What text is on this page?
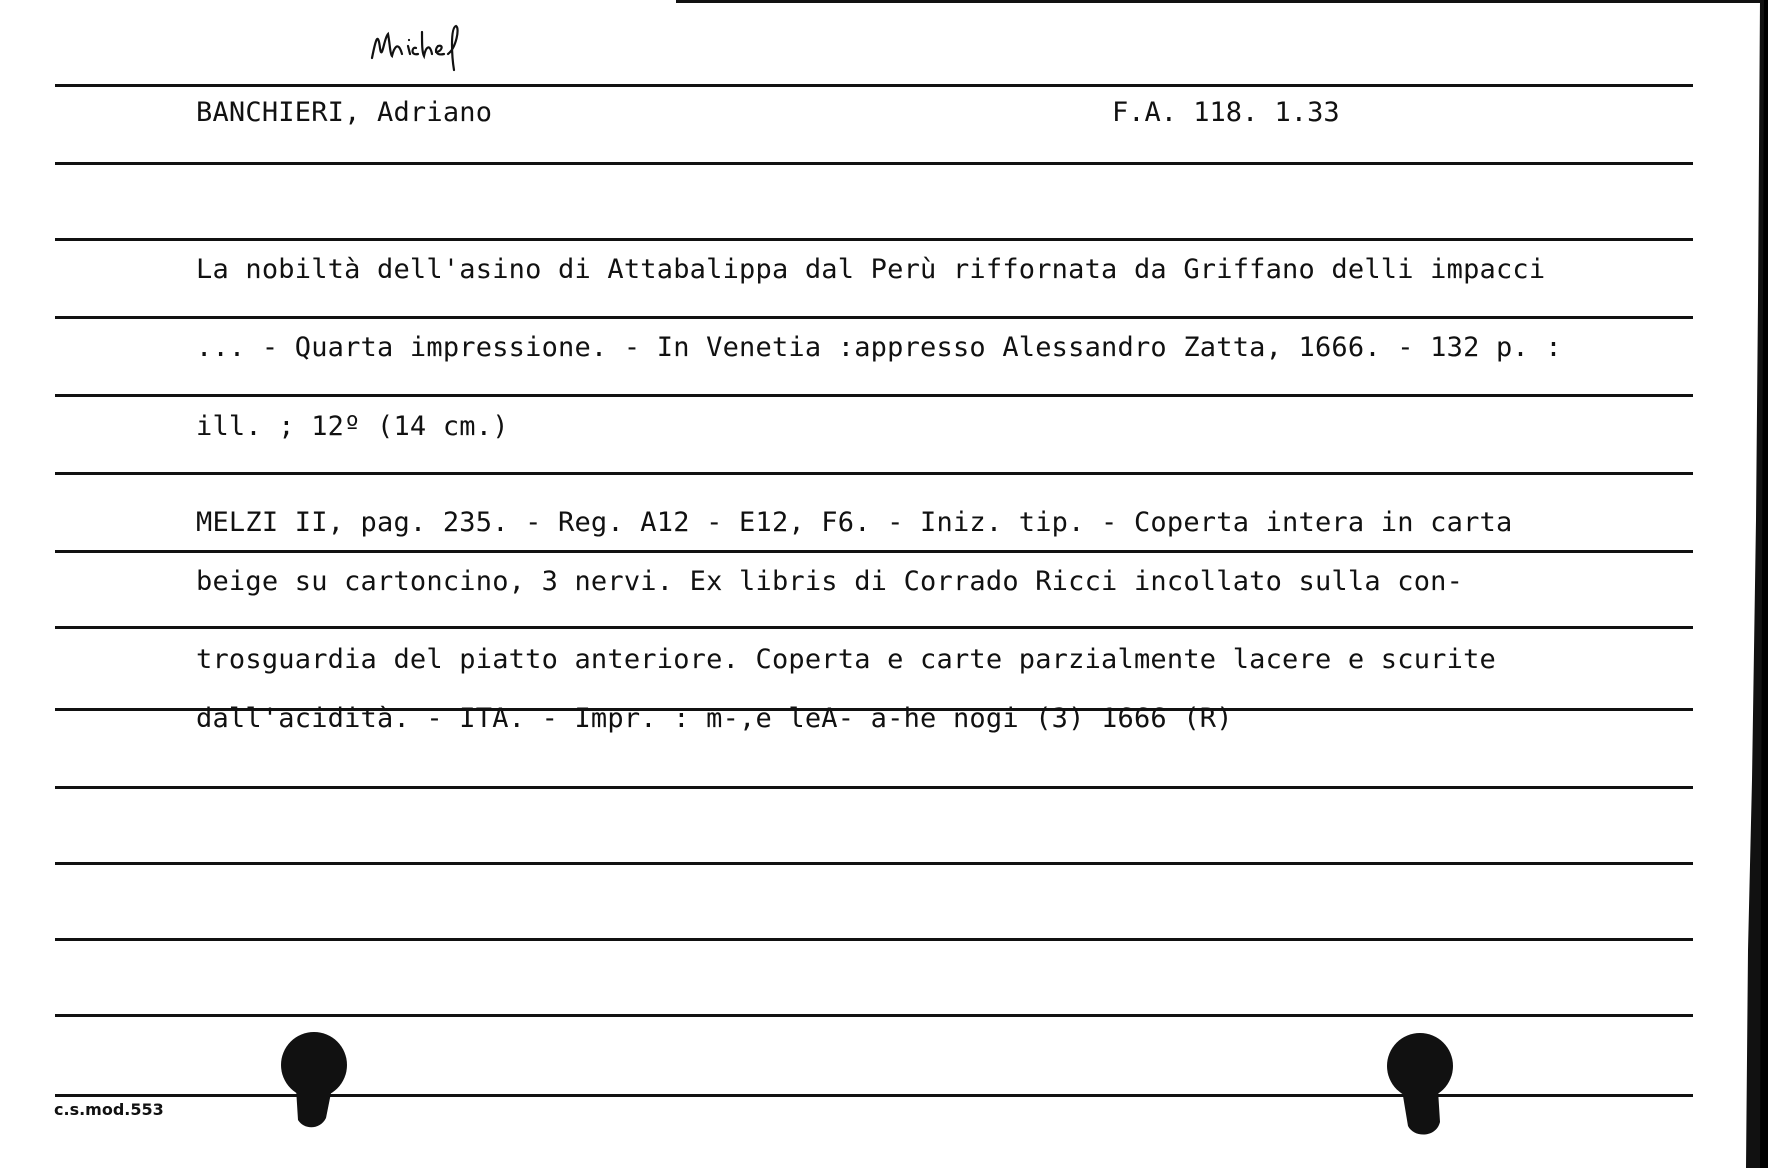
BANCHIERI, Adriano	F.A. 118. 1.33
La nobiltà dell'asino di Attabalippa dal Perù riffornata da Griffano delli impacci
... - Quarta impressione. - In Venetia :appresso Alessandro Zatta, 1666. - 132 p. :
ill. ; 12º (14 cm.)
MELZI II, pag. 235. - Reg. A12 - E12, F6. - Iniz. tip. - Coperta intera in carta
beige su cartoncino, 3 nervi. Ex libris di Corrado Ricci incollato sulla con-
trosguardia del piatto anteriore. Coperta e carte parzialmente lacere e scurite
dall'acidità. - ITA. - Impr. : m-,e leA- a-he nogi (3) 1666 (R)
c.s.mod.553
